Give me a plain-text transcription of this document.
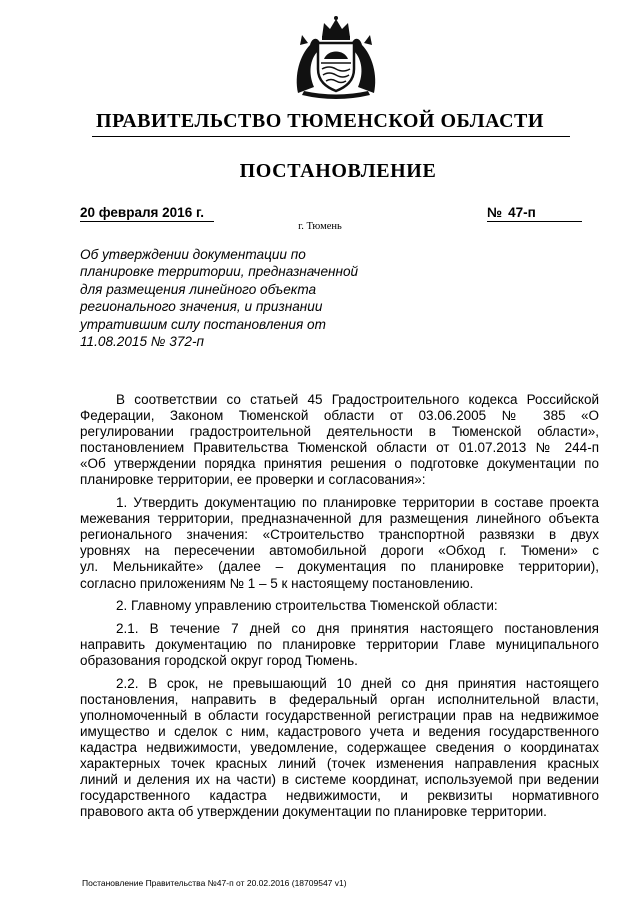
ПРАВИТЕЛЬСТВО ТЮМЕНСКОЙ ОБЛАСТИ
ПОСТАНОВЛЕНИЕ
20 февраля 2016 г.	№ 47-п
г. Тюмень
Об утверждении документации по
планировке территории, предназначенной
для размещения линейного объекта
регионального значения, и признании
утратившим силу постановления от
11.08.2015 № 372-п
В соответствии со статьей 45 Градостроительного кодекса Российской
Федерации, Законом Тюменской области от 03.06.2005 № 385 «О
регулировании градостроительной деятельности в Тюменской области»,
постановлением Правительства Тюменской области от 01.07.2013 № 244-п
«Об утверждении порядка принятия решения о подготовке документации по
планировке территории, ее проверки и согласования»:
1. Утвердить документацию по планировке территории в составе проекта
межевания территории, предназначенной для размещения линейного объекта
регионального значения: «Строительство транспортной развязки в двух
уровнях на пересечении автомобильной дороги «Обход г. Тюмени» с
ул. Мельникайте» (далее – документация по планировке территории),
согласно приложениям № 1 – 5 к настоящему постановлению.
2. Главному управлению строительства Тюменской области:
2.1. В течение 7 дней со дня принятия настоящего постановления
направить документацию по планировке территории Главе муниципального
образования городской округ город Тюмень.
2.2. В срок, не превышающий 10 дней со дня принятия настоящего
постановления, направить в федеральный орган исполнительной власти,
уполномоченный в области государственной регистрации прав на недвижимое
имущество и сделок с ним, кадастрового учета и ведения государственного
кадастра недвижимости, уведомление, содержащее сведения о координатах
характерных точек красных линий (точек изменения направления красных
линий и деления их на части) в системе координат, используемой при ведении
государственного кадастра недвижимости, и реквизиты нормативного
правового акта об утверждении документации по планировке территории.
Постановление Правительства №47-п от 20.02.2016 (18709547 v1)
